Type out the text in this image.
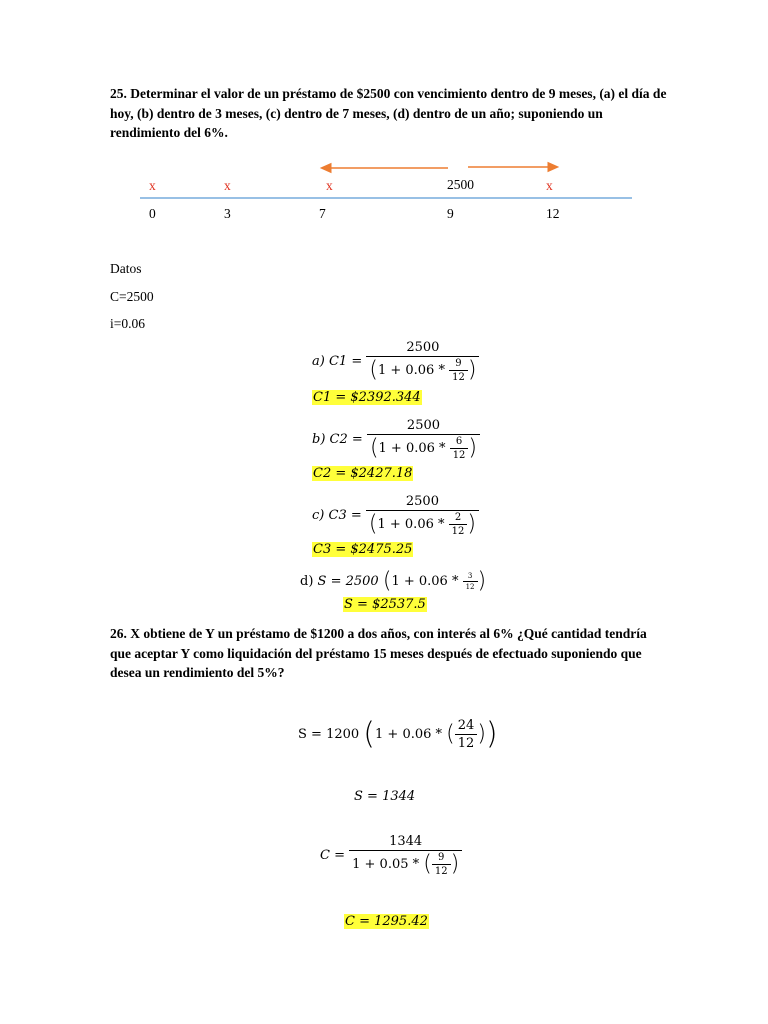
25. Determinar el valor de un préstamo de $2500 con vencimiento dentro de 9 meses, (a) el día de hoy, (b) dentro de 3 meses, (c) dentro de 7 meses, (d) dentro de un año; suponiendo un rendimiento del 6%.
x	x	x	2500	x
0	3	7	9	12
Datos
C=2500
i=0.06
a) $C1 = \frac{2500}{(1 + 0.06 * \frac{9}{12} )}$
C1 = $2392.344
b) $C2 = \frac{2500}{(1 + 0.06 * \frac{6}{12} )}$
C2 = $2427.18
c) $C3 = \frac{2500}{(1 + 0.06 * \frac{2}{12} )}$
C3 = $2475.25
d) S = 2500 ($1 + 0.06 * \frac{3}{12}$ )
S = $2537.5
26. X obtiene de Y un préstamo de $1200 a dos años, con interés al 6% ¿Qué cantidad tendría que aceptar Y como liquidación del préstamo 15 meses después de efectuado suponiendo que desea un rendimiento del 5%?
S = 1200 (1 + 0.06 * ( $\frac{24}{12}$ ))
S = 1344
$C = \frac{1344}{1 + 0.05 * ( \frac{9}{12} )}$
C = 1295.42
